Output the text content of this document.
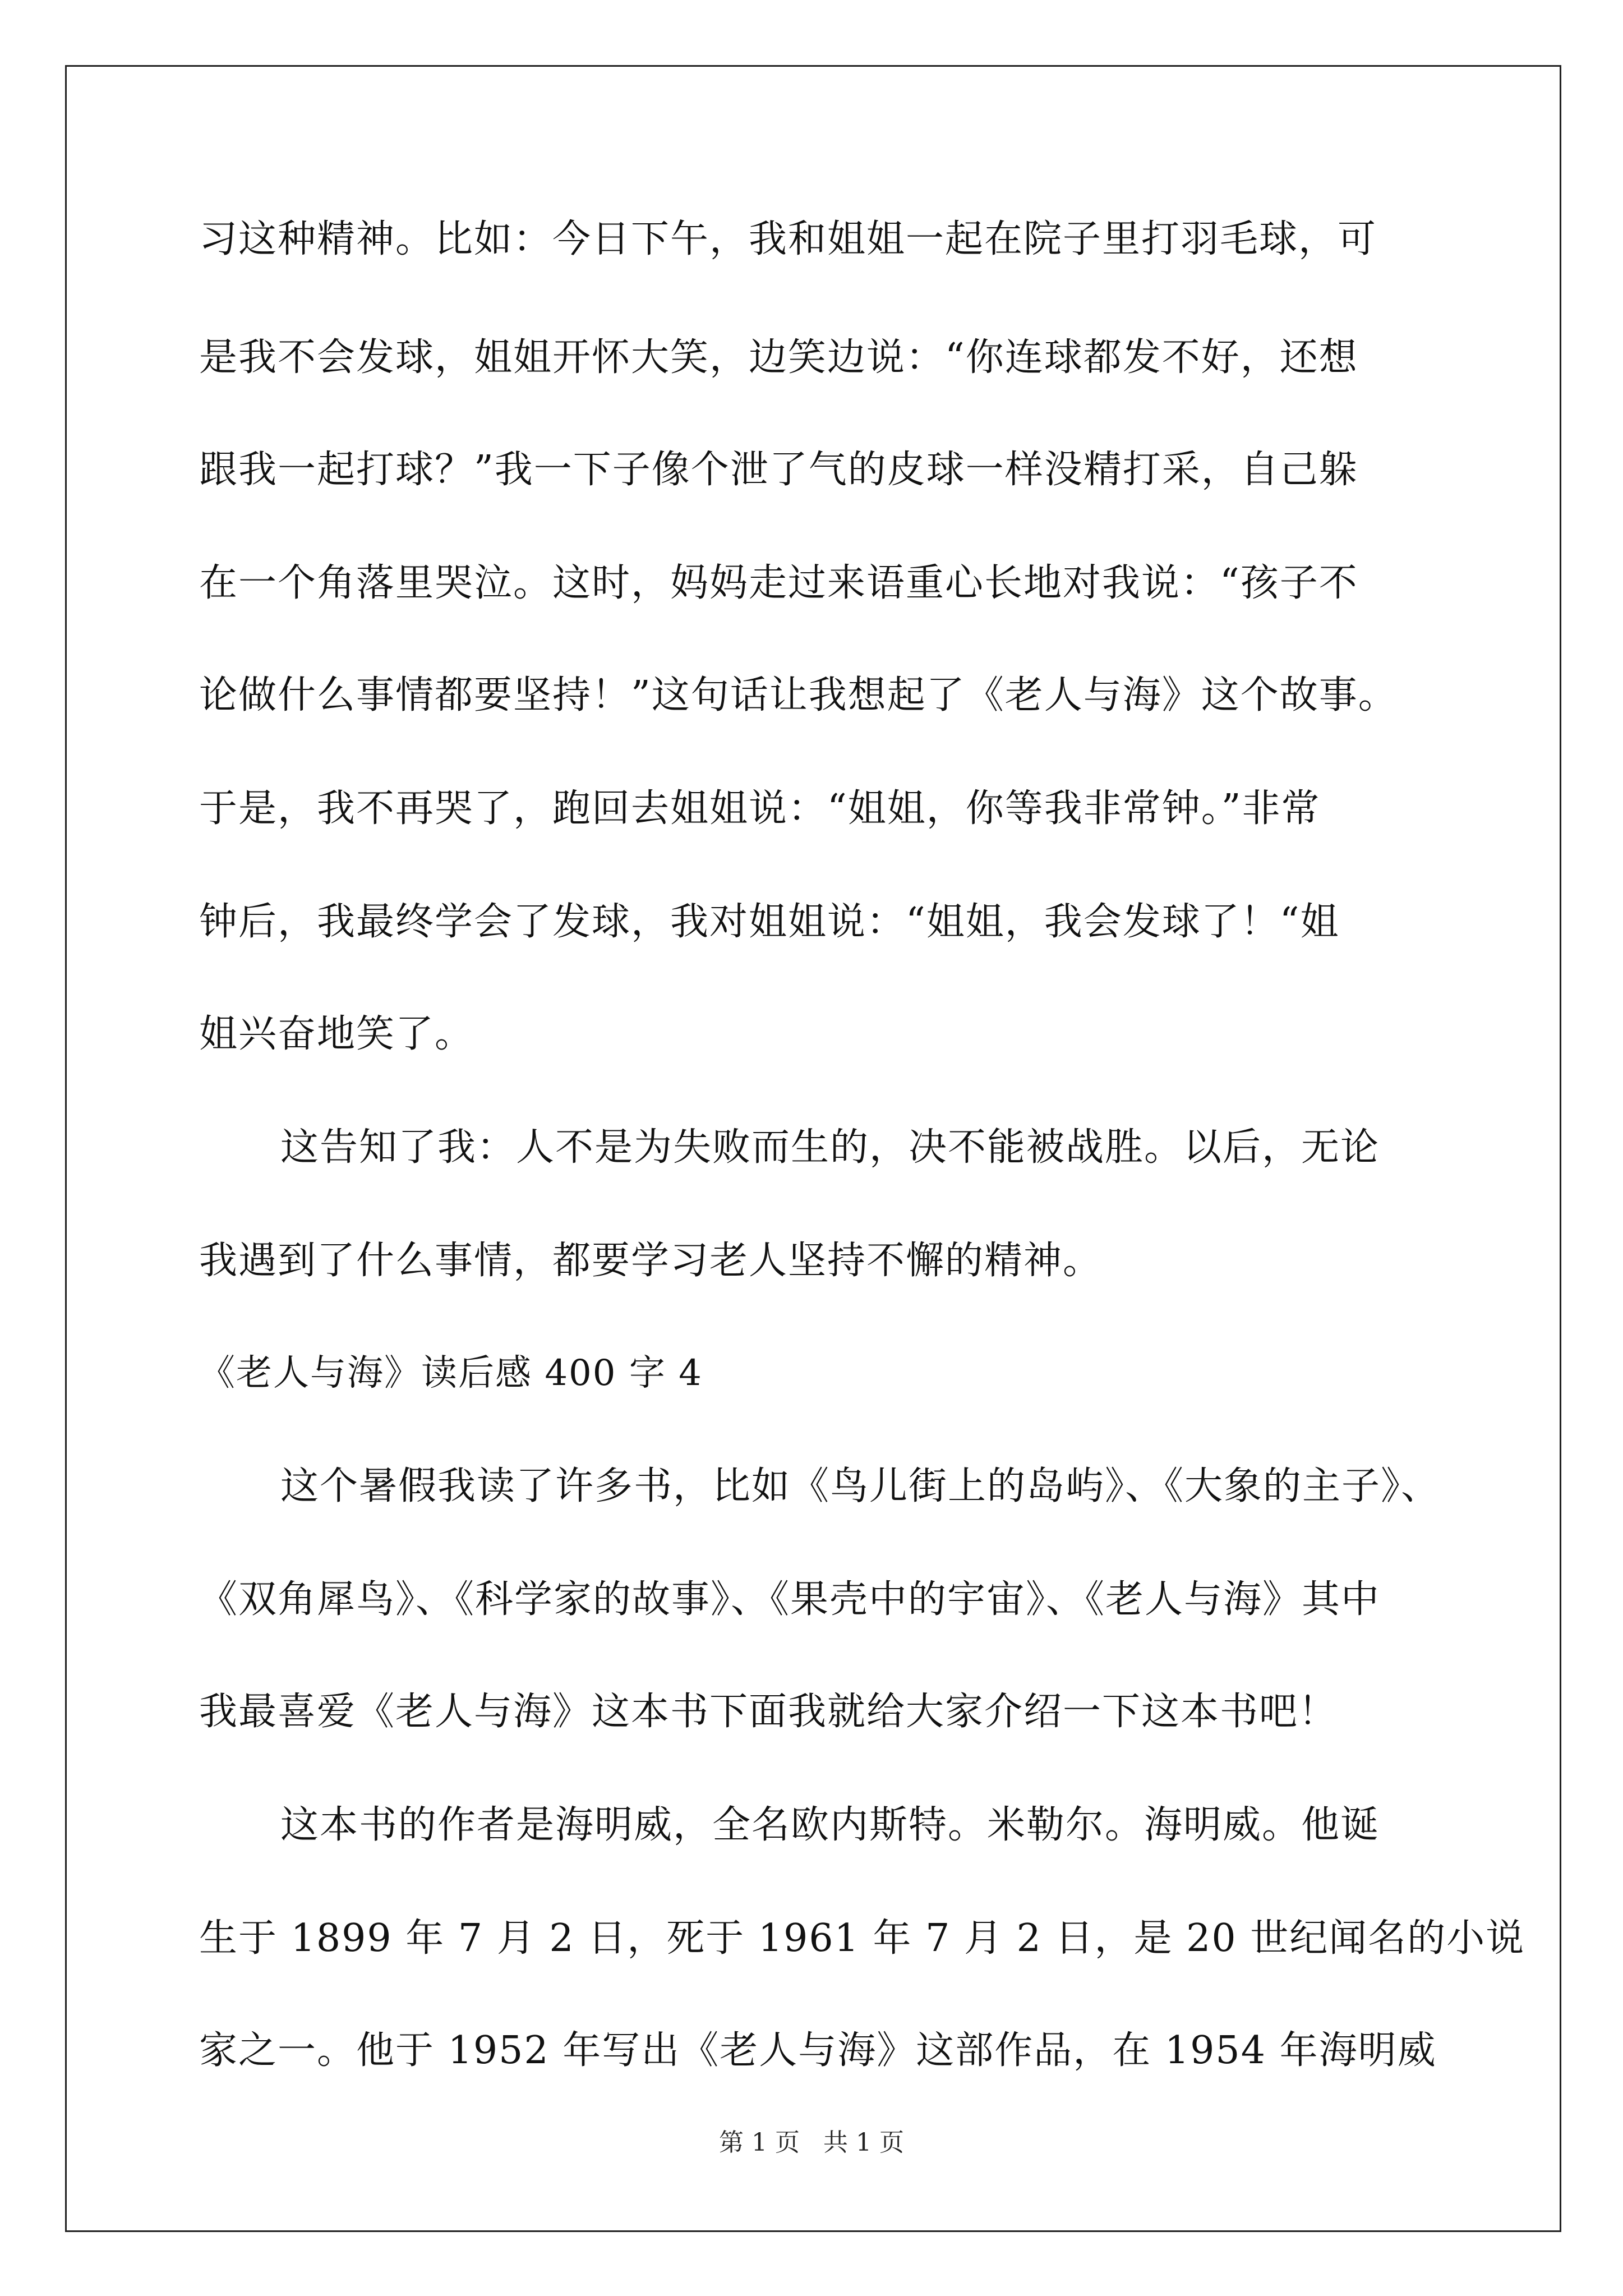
习这种精神。比如：今日下午，我和姐姐一起在院子里打羽毛球，可
是我不会发球，姐姐开怀大笑，边笑边说：“你连球都发不好，还想
跟我一起打球？”我一下子像个泄了气的皮球一样没精打采，自己躲
在一个角落里哭泣。这时，妈妈走过来语重心长地对我说：“孩子不
论做什么事情都要坚持！”这句话让我想起了《老人与海》这个故事。
于是，我不再哭了，跑回去姐姐说：“姐姐，你等我非常钟。”非常
钟后，我最终学会了发球，我对姐姐说：“姐姐，我会发球了！“姐
姐兴奋地笑了。
这告知了我：人不是为失败而生的，决不能被战胜。以后，无论
我遇到了什么事情，都要学习老人坚持不懈的精神。
《老人与海》读后感 400 字 4
这个暑假我读了许多书，比如《鸟儿街上的岛屿》、《大象的主子》、
《双角犀鸟》、《科学家的故事》、《果壳中的宇宙》、《老人与海》其中
我最喜爱《老人与海》这本书下面我就给大家介绍一下这本书吧！
这本书的作者是海明威，全名欧内斯特。米勒尔。海明威。他诞
生于 1899 年 7 月 2 日，死于 1961 年 7 月 2 日，是 20 世纪闻名的小说
家之一。他于 1952 年写出《老人与海》这部作品，在 1954 年海明威
第 1 页 共 1 页
